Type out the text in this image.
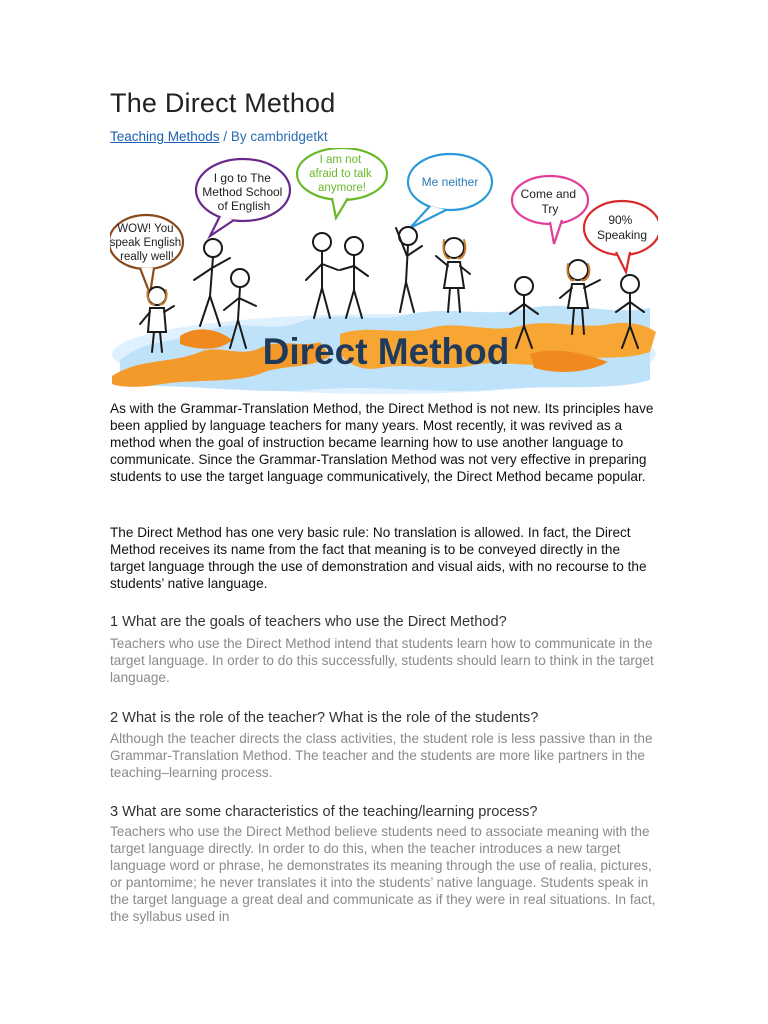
The Direct Method
Teaching Methods / By cambridgetkt
Direct Method
WOW! You speak English really well!
I go to The Method School of English
I am not afraid to talk anymore!	Me neither
Come and Try
90% Speaking

As with the Grammar-Translation Method, the Direct Method is not new. Its principles have been applied by language teachers for many years. Most recently, it was revived as a method when the goal of instruction became learning how to use another language to communicate. Since the Grammar-Translation Method was not very effective in preparing students to use the target language communicatively, the Direct Method became popular.

The Direct Method has one very basic rule: No translation is allowed. In fact, the Direct Method receives its name from the fact that meaning is to be conveyed directly in the target language through the use of demonstration and visual aids, with no recourse to the students’ native language.

1 What are the goals of teachers who use the Direct Method?

Teachers who use the Direct Method intend that students learn how to communicate in the target language. In order to do this successfully, students should learn to think in the target language.

2 What is the role of the teacher? What is the role of the students?

Although the teacher directs the class activities, the student role is less passive than in the Grammar-Translation Method. The teacher and the students are more like partners in the teaching–learning process.

3 What are some characteristics of the teaching/learning process?

Teachers who use the Direct Method believe students need to associate meaning with the target language directly. In order to do this, when the teacher introduces a new target language word or phrase, he demonstrates its meaning through the use of realia, pictures, or pantomime; he never translates it into the students’ native language. Students speak in the target language a great deal and communicate as if they were in real situations. In fact, the syllabus used in
